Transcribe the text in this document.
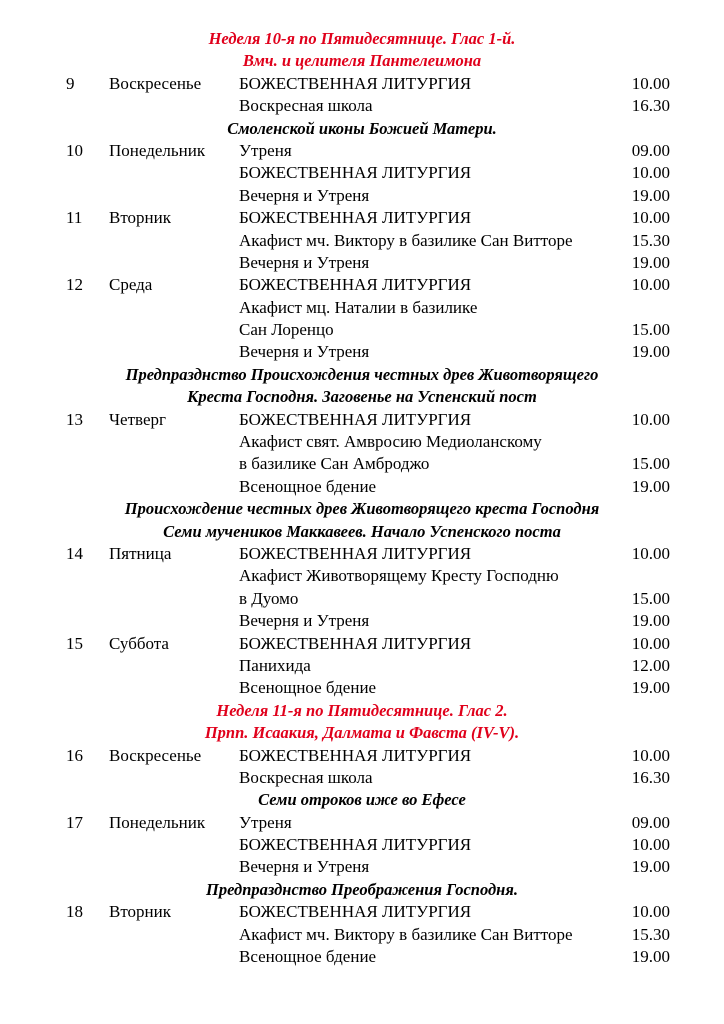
Неделя 10-я по Пятидесятнице. Глас 1-й.
Вмч. и целителя Пантелеимона
9 Воскресенье БОЖЕСТВЕННАЯ ЛИТУРГИЯ	10.00
Воскресная школа	16.30
Смоленской иконы Божией Матери.
10 Понедельник Утреня	09.00
БОЖЕСТВЕННАЯ ЛИТУРГИЯ	10.00
Вечерня и Утреня	19.00
11 Вторник	БОЖЕСТВЕННАЯ ЛИТУРГИЯ	10.00
Акафист мч. Виктору в базилике Сан Витторе	15.30
Вечерня и Утреня	19.00
12 Среда	БОЖЕСТВЕННАЯ ЛИТУРГИЯ	10.00
Акафист мц. Наталии в базилике
Сан Лоренцо	15.00
Вечерня и Утреня	19.00
Предпразднство Происхождения честных древ Животворящего
Креста Господня. Заговенье на Успенский пост
13 Четверг	БОЖЕСТВЕННАЯ ЛИТУРГИЯ	10.00
Акафист свят. Амвросию Медиоланскому
в базилике Сан Амброджо	15.00
Всенощное бдение	19.00
Происхождение честных древ Животворящего креста Господня
Семи мучеников Маккавеев. Начало Успенского поста
14 Пятница	БОЖЕСТВЕННАЯ ЛИТУРГИЯ	10.00
Акафист Животворящему Кресту Господню
в Дуомо	15.00
Вечерня и Утреня	19.00
15 Суббота	БОЖЕСТВЕННАЯ ЛИТУРГИЯ	10.00
Панихида	12.00
Всенощное бдение	19.00
Неделя 11-я по Пятидесятнице. Глас 2.
Прпп. Исаакия, Далмата и Фавста (IV-V).
16 Воскресенье БОЖЕСТВЕННАЯ ЛИТУРГИЯ	10.00
Воскресная школа	16.30
Семи отроков иже во Ефесе
17 Понедельник Утреня	09.00
БОЖЕСТВЕННАЯ ЛИТУРГИЯ	10.00
Вечерня и Утреня	19.00
Предпразднство Преображения Господня.
18 Вторник	БОЖЕСТВЕННАЯ ЛИТУРГИЯ	10.00
Акафист мч. Виктору в базилике Сан Витторе	15.30
Всенощное бдение	19.00
